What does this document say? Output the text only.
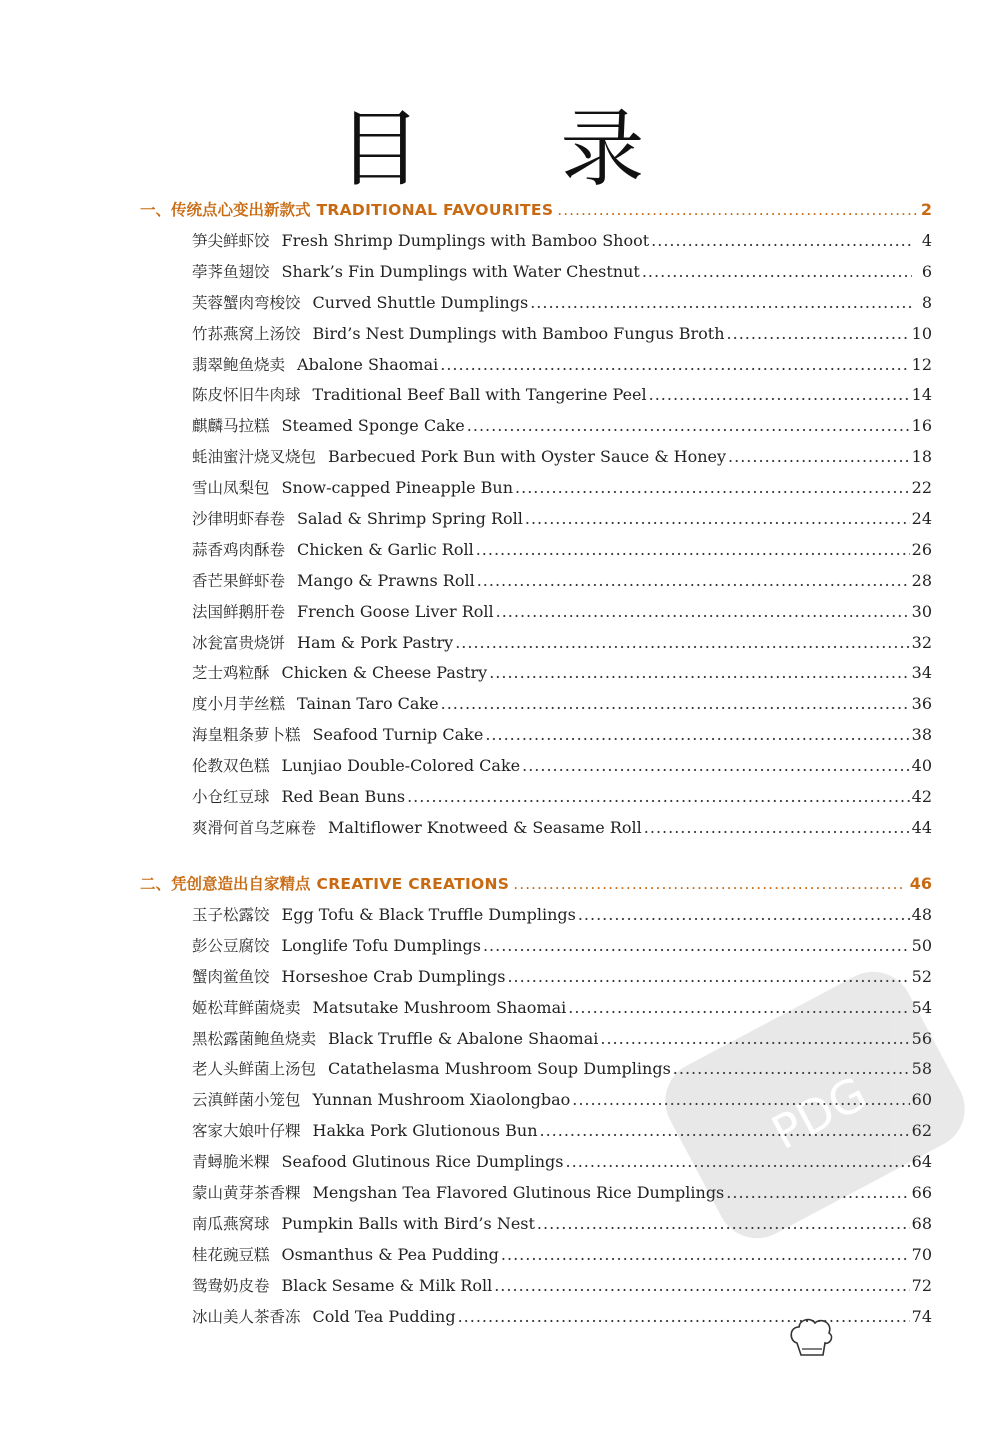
目 录
一、传统点心变出新款式 TRADITIONAL FAVOURITES .....	2
笋尖鲜虾饺 Fresh Shrimp Dumplings with Bamboo Shoot .....	4
荸荠鱼翅饺 Shark’s Fin Dumplings with Water Chestnut .....	6
芙蓉蟹肉弯梭饺 Curved Shuttle Dumplings .....	8
竹荪燕窝上汤饺 Bird’s Nest Dumplings with Bamboo Fungus Broth .....	10
翡翠鲍鱼烧卖 Abalone Shaomai .....	12
陈皮怀旧牛肉球 Traditional Beef Ball with Tangerine Peel .....	14
麒麟马拉糕 Steamed Sponge Cake .....	16
蚝油蜜汁烧叉烧包 Barbecued Pork Bun with Oyster Sauce & Honey .....	18
雪山凤梨包 Snow-capped Pineapple Bun .....	22
沙律明虾春卷 Salad & Shrimp Spring Roll .....	24
蒜香鸡肉酥卷 Chicken & Garlic Roll .....	26
香芒果鲜虾卷 Mango & Prawns Roll .....	28
法国鲜鹅肝卷 French Goose Liver Roll .....	30
冰瓮富贵烧饼 Ham & Pork Pastry .....	32
芝士鸡粒酥 Chicken & Cheese Pastry .....	34
度小月芋丝糕 Tainan Taro Cake .....	36
海皇粗条萝卜糕 Seafood Turnip Cake .....	38
伦教双色糕 Lunjiao Double-Colored Cake .....	40
小仓红豆球 Red Bean Buns .....	42
爽滑何首乌芝麻卷 Maltiflower Knotweed & Seasame Roll .....	44
二、凭创意造出自家精点 CREATIVE CREATIONS .....	46
玉子松露饺 Egg Tofu & Black Truffle Dumplings .....	48
彭公豆腐饺 Longlife Tofu Dumplings .....	50
蟹肉鲎鱼饺 Horseshoe Crab Dumplings .....	52
姬松茸鲜菌烧卖 Matsutake Mushroom Shaomai .....	54
黑松露菌鲍鱼烧卖 Black Truffle & Abalone Shaomai .....	56
老人头鲜菌上汤包 Catathelasma Mushroom Soup Dumplings .....	58
云滇鲜菌小笼包 Yunnan Mushroom Xiaolongbao .....	60
客家大娘叶仔粿 Hakka Pork Glutionous Bun .....	62
青蟳脆米粿 Seafood Glutinous Rice Dumplings .....	64
蒙山黄芽茶香粿 Mengshan Tea Flavored Glutinous Rice Dumplings .....	66
南瓜燕窝球 Pumpkin Balls with Bird’s Nest .....	68
桂花豌豆糕 Osmanthus & Pea Pudding .....	70
鸳鸯奶皮卷 Black Sesame & Milk Roll .....	72
冰山美人茶香冻 Cold Tea Pudding .....	74
PDG
